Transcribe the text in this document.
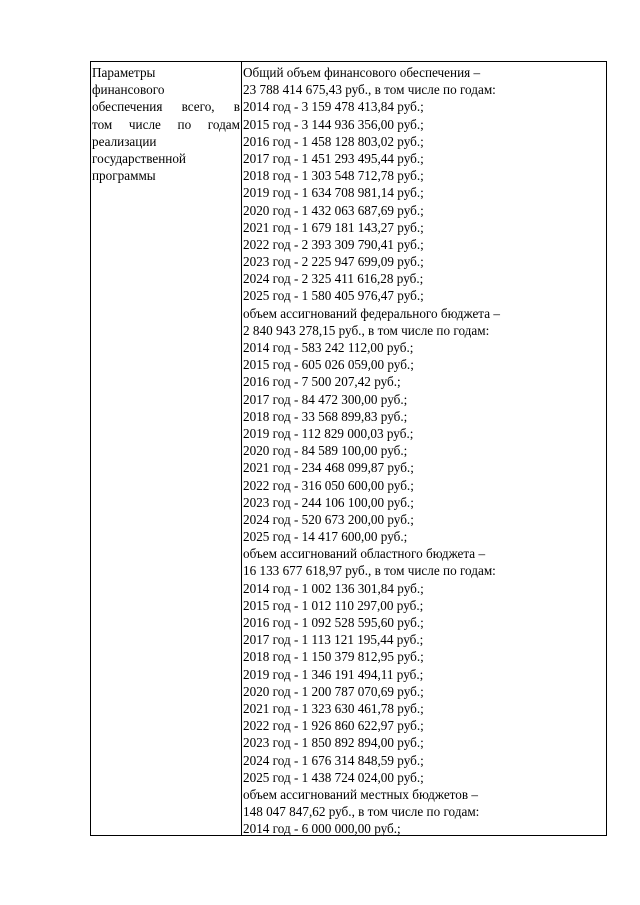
Параметры
финансового
обеспечения всего, в
том числе по годам
реализации
государственной
программы
Общий объем финансового обеспечения –
23 788 414 675,43 руб., в том числе по годам:
2014 год - 3 159 478 413,84 руб.;
2015 год - 3 144 936 356,00 руб.;
2016 год - 1 458 128 803,02 руб.;
2017 год - 1 451 293 495,44 руб.;
2018 год - 1 303 548 712,78 руб.;
2019 год - 1 634 708 981,14 руб.;
2020 год - 1 432 063 687,69 руб.;
2021 год - 1 679 181 143,27 руб.;
2022 год - 2 393 309 790,41 руб.;
2023 год - 2 225 947 699,09 руб.;
2024 год - 2 325 411 616,28 руб.;
2025 год - 1 580 405 976,47 руб.;
объем ассигнований федерального бюджета –
2 840 943 278,15 руб., в том числе по годам:
2014 год - 583 242 112,00 руб.;
2015 год - 605 026 059,00 руб.;
2016 год - 7 500 207,42 руб.;
2017 год - 84 472 300,00 руб.;
2018 год - 33 568 899,83 руб.;
2019 год - 112 829 000,03 руб.;
2020 год - 84 589 100,00 руб.;
2021 год - 234 468 099,87 руб.;
2022 год - 316 050 600,00 руб.;
2023 год - 244 106 100,00 руб.;
2024 год - 520 673 200,00 руб.;
2025 год - 14 417 600,00 руб.;
объем ассигнований областного бюджета –
16 133 677 618,97 руб., в том числе по годам:
2014 год - 1 002 136 301,84 руб.;
2015 год - 1 012 110 297,00 руб.;
2016 год - 1 092 528 595,60 руб.;
2017 год - 1 113 121 195,44 руб.;
2018 год - 1 150 379 812,95 руб.;
2019 год - 1 346 191 494,11 руб.;
2020 год - 1 200 787 070,69 руб.;
2021 год - 1 323 630 461,78 руб.;
2022 год - 1 926 860 622,97 руб.;
2023 год - 1 850 892 894,00 руб.;
2024 год - 1 676 314 848,59 руб.;
2025 год - 1 438 724 024,00 руб.;
объем ассигнований местных бюджетов –
148 047 847,62 руб., в том числе по годам:
2014 год - 6 000 000,00 руб.;
